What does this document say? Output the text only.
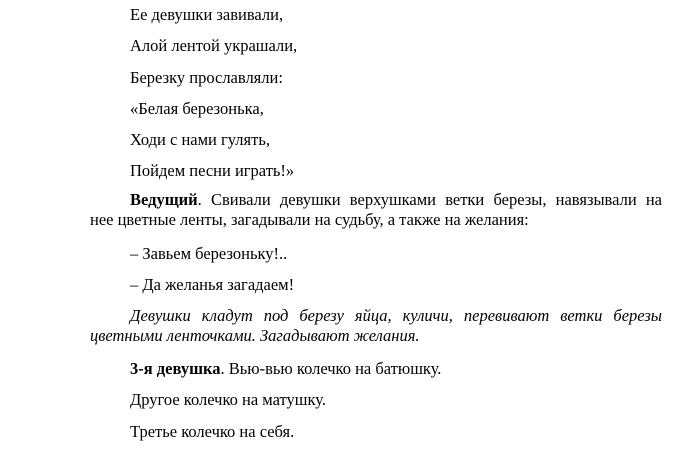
Ее девушки завивали,
Алой лентой украшали,
Березку прославляли:
«Белая березонька,
Ходи с нами гулять,
Пойдем песни играть!»
Ведущий. Свивали девушки верхушками ветки березы, навязывали на
нее цветные ленты, загадывали на судьбу, а также на желания:
– Завьем березоньку!..
– Да желанья загадаем!
Девушки кладут под березу яйца, куличи, перевивают ветки березы
цветными ленточками. Загадывают желания.
3-я девушка. Вью-вью колечко на батюшку.
Другое колечко на матушку.
Третье колечко на себя.
